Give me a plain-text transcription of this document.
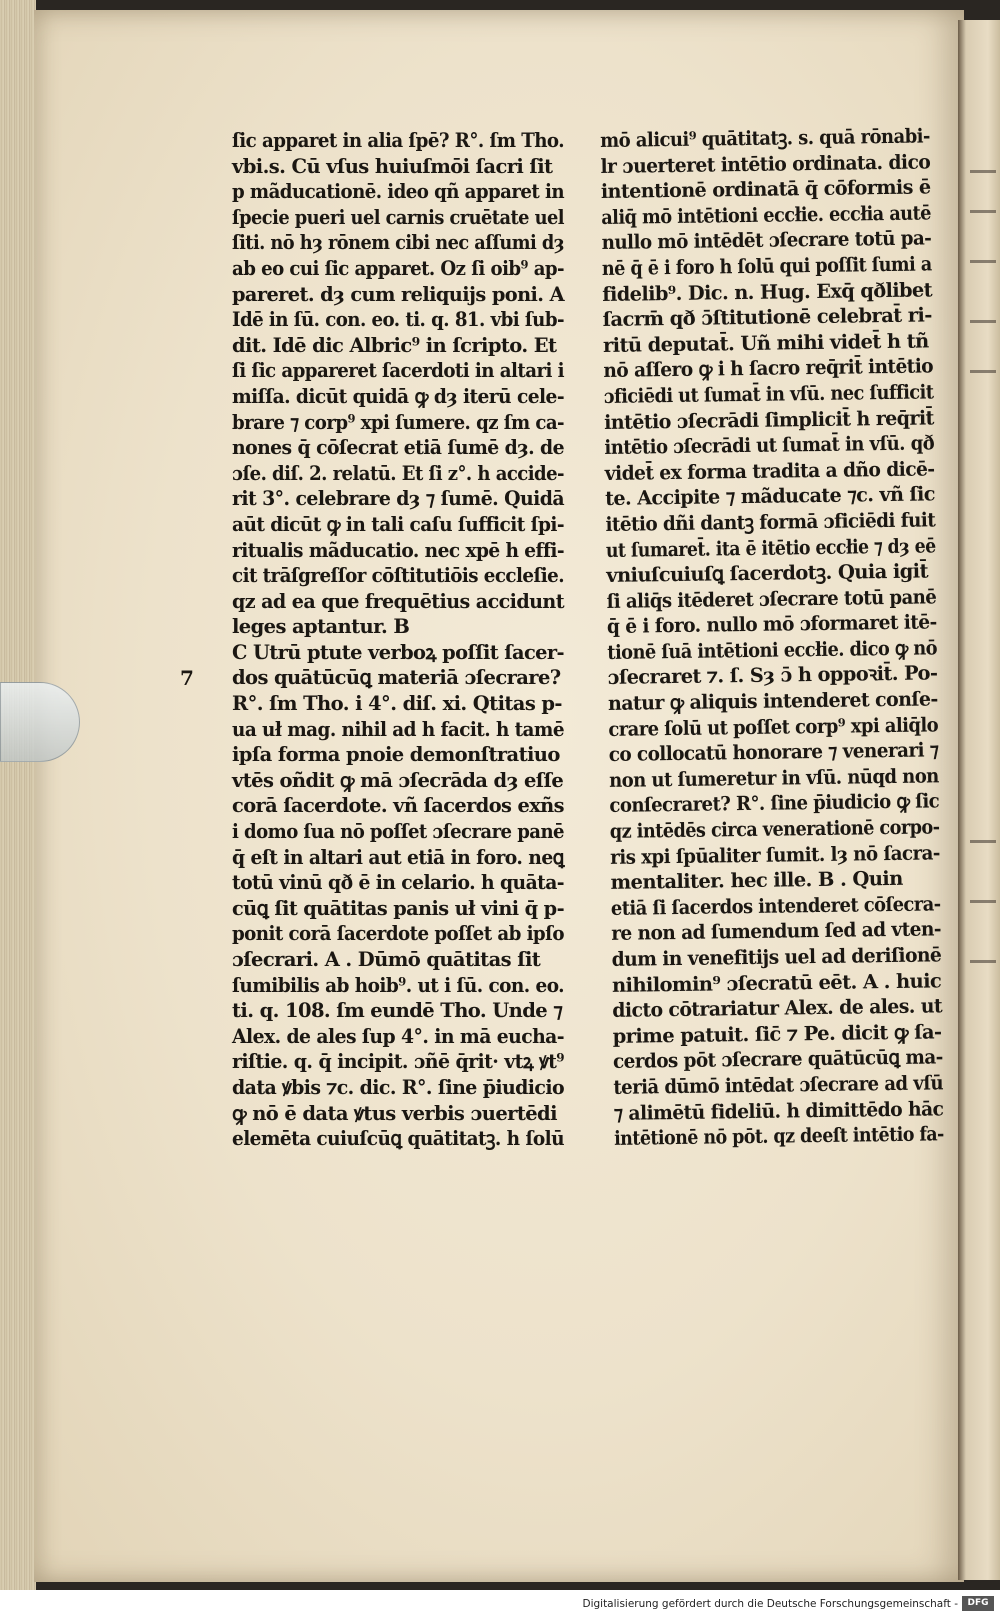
ſic apparet in alia ſpē? R°. ſm Tho.
vbi.s. Cū vſus huiuſmōi ſacri ſit
p mãducationē. ideo qñ apparet in
ſpecie pueri uel carnis cruētate uel
ſiti. nō hȝ rōnem cibi nec aſſumi dȝ
ab eo cui ſic apparet. Oz ſi oib⁹ ap-
pareret. dȝ cum reliquijs poni. A
Idē in ſū. con. eo. ti. q. 81. vbi ſub-
dit. Idē dic Albric⁹ in ſcripto. Et
ſi ſic appareret ſacerdoti in altari i
miſſa. dicūt quidā ꝙ dȝ iterū cele-
brare ⁊ corp⁹ xpi ſumere. qz ſm ca-
nones q̄ cōſecrat etiā ſumē dȝ. de
ɔſe. diſ. 2. relatū. Et ſi z°. h accide-
rit 3°. celebrare dȝ ⁊ ſumē. Quidā
aūt dicūt ꝙ in tali caſu ſufficit ſpi-
ritualis mãducatio. nec xpē h effi-
cit trāſgreſſor cōſtitutiōis eccleſie.
qz ad ea que frequētius accidunt
leges aptantur. B
C Utrū ptute verboꝝ poſſit ſacer-
dos quātūcūꝗ materiā ɔſecrare?
R°. ſm Tho. i 4°. diſ. xi. Qtitas p-
ua uł mag. nihil ad h facit. h tamē
ipſa forma pnoie demonſtratiuo
vtēs oñdit ꝙ mā ɔſecrāda dȝ eſſe
corā ſacerdote. vñ ſacerdos exñs
i domo ſua nō poſſet ɔſecrare panē
q̄ eſt in altari aut etiā in foro. neꝗ
totū vinū qð ē in celario. h quāta-
cūꝗ ſit quātitas panis uł vini q̄ p-
ponit corā ſacerdote poſſet ab ipſo
ɔſecrari. A . Dūmō quātitas ſit
ſumibilis ab hoib⁹. ut i ſū. con. eo.
ti. q. 108. ſm eundē Tho. Unde ⁊
Alex. de ales ſup 4°. in mā eucha-
riſtie. q. q̄ incipit. ɔñē q̄rit· vtꝝ ꝟt⁹
data ꝟbis ⁊c. dic. R°. ſine p̄iudicio
ꝙ nō ē data ꝟtus verbis ɔuertēdi
elemēta cuiuſcūꝗ quātitatꝫ. h ſolū
mō alicui⁹ quātitatꝫ. s. quā rōnabi-
lr ɔuerteret intētio ordinata. dico
intentionē ordinatā q̄ cōformis ē
aliq̄ mō intētioni eccłie. eccłia autē
nullo mō intēdēt ɔſecrare totū pa-
nē q̄ ē i foro h ſolū qui poſſit ſumi a
fidelib⁹. Dic. n. Hug. Exq̄ qðlibet
ſacrm̄ qð ɔ̄ſtitutionē celebrat̄ ri-
ritū deputat̄. Uñ mihi videt̄ h tñ
nō aſſero ꝙ i h ſacro req̄rit̄ intētio
ɔficiēdi ut ſumat̄ in vſū. nec ſufficit
intētio ɔſecrādi ſimplicit̄ h req̄rit̄
intētio ɔſecrādi ut ſumat̄ in vſū. qð
videt̄ ex forma tradita a dño dicē-
te. Accipite ⁊ mãducate ⁊c. vñ ſic
itētio dñi dantꝫ formā ɔficiēdi fuit
ut ſumaret̄. ita ē itētio eccłie ⁊ dȝ eē
vniuſcuiuſꝗ ſacerdotꝫ. Quia igit̄
ſi aliq̄s itēderet ɔſecrare totū panē
q̄ ē i foro. nullo mō ɔformaret itē-
tionē ſuā intētioni eccłie. dico ꝙ nō
ɔſecraret ⁊. ſ. Sȝ ɔ̄ h oppoꝛit̄. Po-
natur ꝙ aliquis intenderet conſe-
crare ſolū ut poſſet corp⁹ xpi aliq̄lo
co collocatū honorare ⁊ venerari ⁊
non ut ſumeretur in vſū. nūqd non
conſecraret? R°. ſine p̄iudicio ꝙ ſic
qz intēdēs circa venerationē corpo-
ris xpi ſpūaliter ſumit. lȝ nō ſacra-
mentaliter. hec ille. B . Quin
etiā ſi ſacerdos intenderet cōſecra-
re non ad ſumendum ſed ad vten-
dum in venefitijs uel ad deriſionē
nihilomin⁹ ɔſecratū eēt. A . huic
dicto cōtrariatur Alex. de ales. ut
prime patuit. ſic̄ ⁊ Pe. dicit ꝙ ſa-
cerdos pōt ɔſecrare quātūcūꝗ ma-
teriā dūmō intēdat ɔſecrare ad vſū
⁊ alimētū fideliū. h dimittēdo hāc
intētionē nō pōt. qz deeſt intētio fa-
7
Digitalisierung gefördert durch die Deutsche Forschungsgemeinschaft -	DFG
